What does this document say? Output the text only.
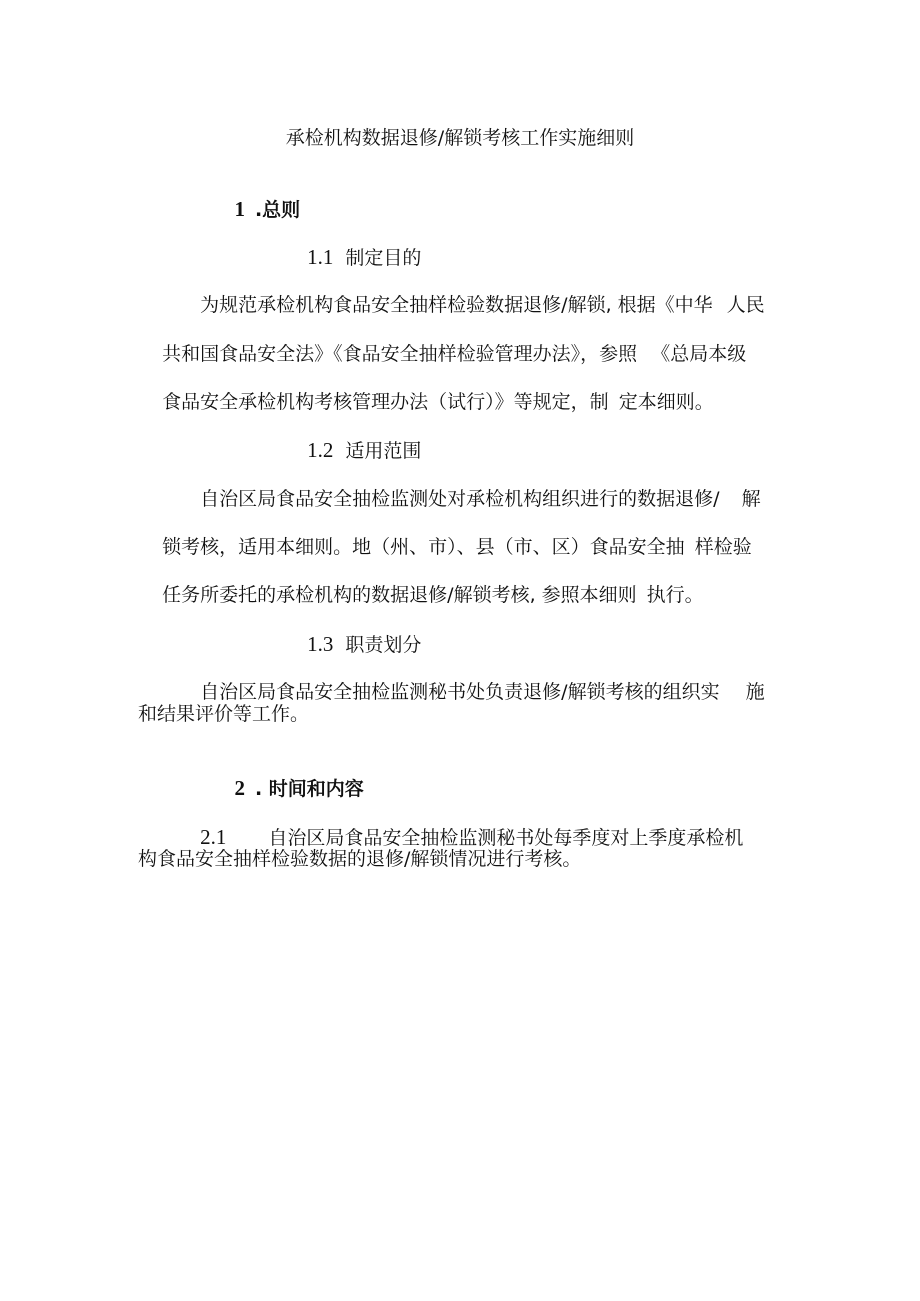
承检机构数据退修/解锁考核工作实施细则

1 .总则

1.1 制定目的

为规范承检机构食品安全抽样检验数据退修/解锁, 根据《中华 人民

共和国食品安全法》《食品安全抽样检验管理办法》，参照 《总局本级

食品安全承检机构考核管理办法（试行）》等规定，制 定本细则。

1.2 适用范围

自治区局食品安全抽检监测处对承检机构组织进行的数据退修/ 解

锁考核，适用本细则。地（州、市）、县（市、区）食品安全抽 样检验

任务所委托的承检机构的数据退修/解锁考核, 参照本细则 执行。

1.3 职责划分

自治区局食品安全抽检监测秘书处负责退修/解锁考核的组织实 施

和结果评价等工作。

2 . 时间和内容

2.1 自治区局食品安全抽检监测秘书处每季度对上季度承检机

构食品安全抽样检验数据的退修/解锁情况进行考核。
